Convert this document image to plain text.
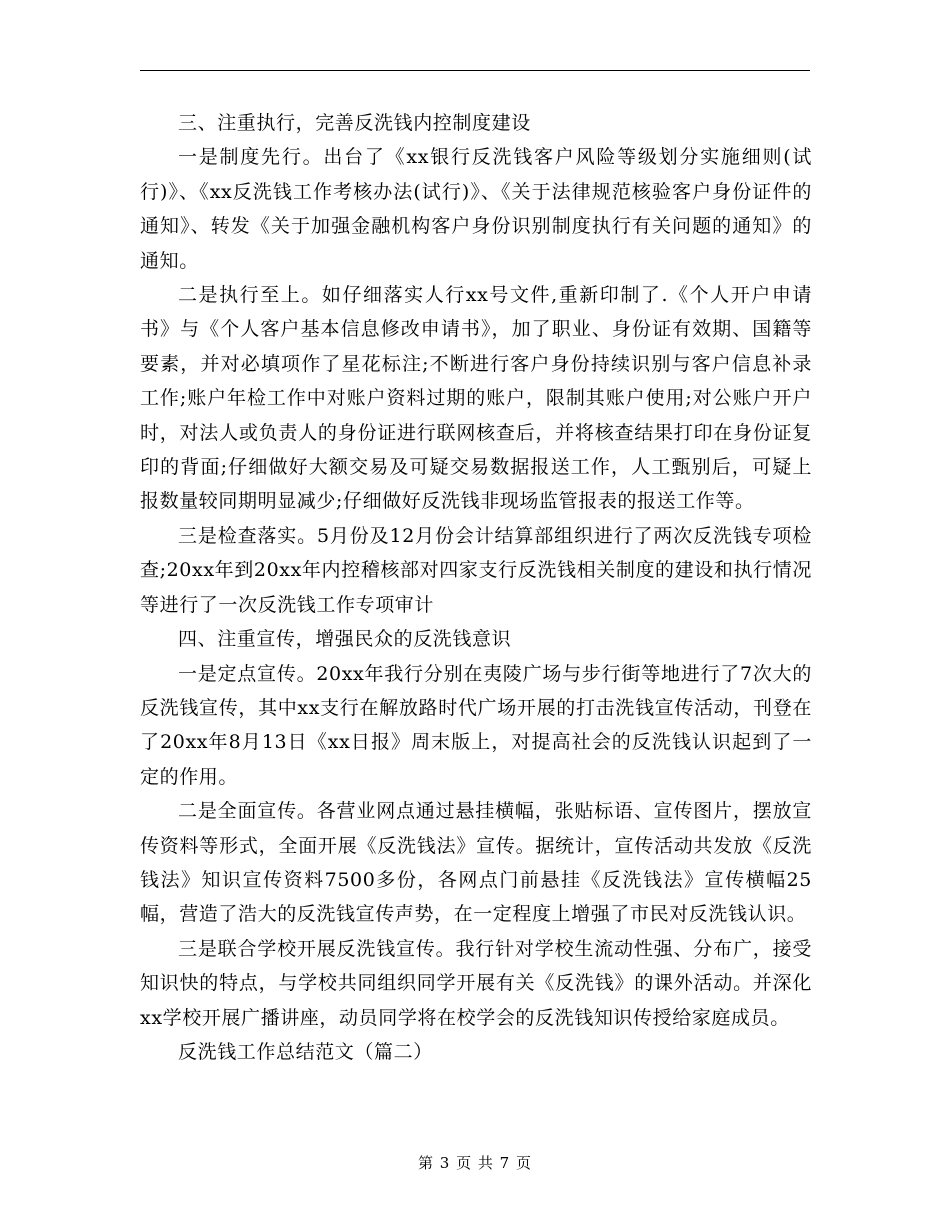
三、注重执行，完善反洗钱内控制度建设

一是制度先行。出台了《xx银行反洗钱客户风险等级划分实施细则(试行)》、《xx反洗钱工作考核办法(试行)》、《关于法律规范核验客户身份证件的通知》、转发《关于加强金融机构客户身份识别制度执行有关问题的通知》的通知。

二是执行至上。如仔细落实人行xx号文件,重新印制了.《个人开户申请书》与《个人客户基本信息修改申请书》，加了职业、身份证有效期、国籍等要素，并对必填项作了星花标注;不断进行客户身份持续识别与客户信息补录工作;账户年检工作中对账户资料过期的账户，限制其账户使用;对公账户开户时，对法人或负责人的身份证进行联网核查后，并将核查结果打印在身份证复印的背面;仔细做好大额交易及可疑交易数据报送工作，人工甄别后，可疑上报数量较同期明显减少;仔细做好反洗钱非现场监管报表的报送工作等。

三是检查落实。5月份及12月份会计结算部组织进行了两次反洗钱专项检查;20xx年到20xx年内控稽核部对四家支行反洗钱相关制度的建设和执行情况等进行了一次反洗钱工作专项审计

四、注重宣传，增强民众的反洗钱意识

一是定点宣传。20xx年我行分别在夷陵广场与步行街等地进行了7次大的反洗钱宣传，其中xx支行在解放路时代广场开展的打击洗钱宣传活动，刊登在了20xx年8月13日《xx日报》周末版上，对提高社会的反洗钱认识起到了一定的作用。

二是全面宣传。各营业网点通过悬挂横幅，张贴标语、宣传图片，摆放宣传资料等形式，全面开展《反洗钱法》宣传。据统计，宣传活动共发放《反洗钱法》知识宣传资料7500多份，各网点门前悬挂《反洗钱法》宣传横幅25幅，营造了浩大的反洗钱宣传声势，在一定程度上增强了市民对反洗钱认识。

三是联合学校开展反洗钱宣传。我行针对学校生流动性强、分布广，接受知识快的特点，与学校共同组织同学开展有关《反洗钱》的课外活动。并深化xx学校开展广播讲座，动员同学将在校学会的反洗钱知识传授给家庭成员。

反洗钱工作总结范文（篇二）

第 3 页 共 7 页
